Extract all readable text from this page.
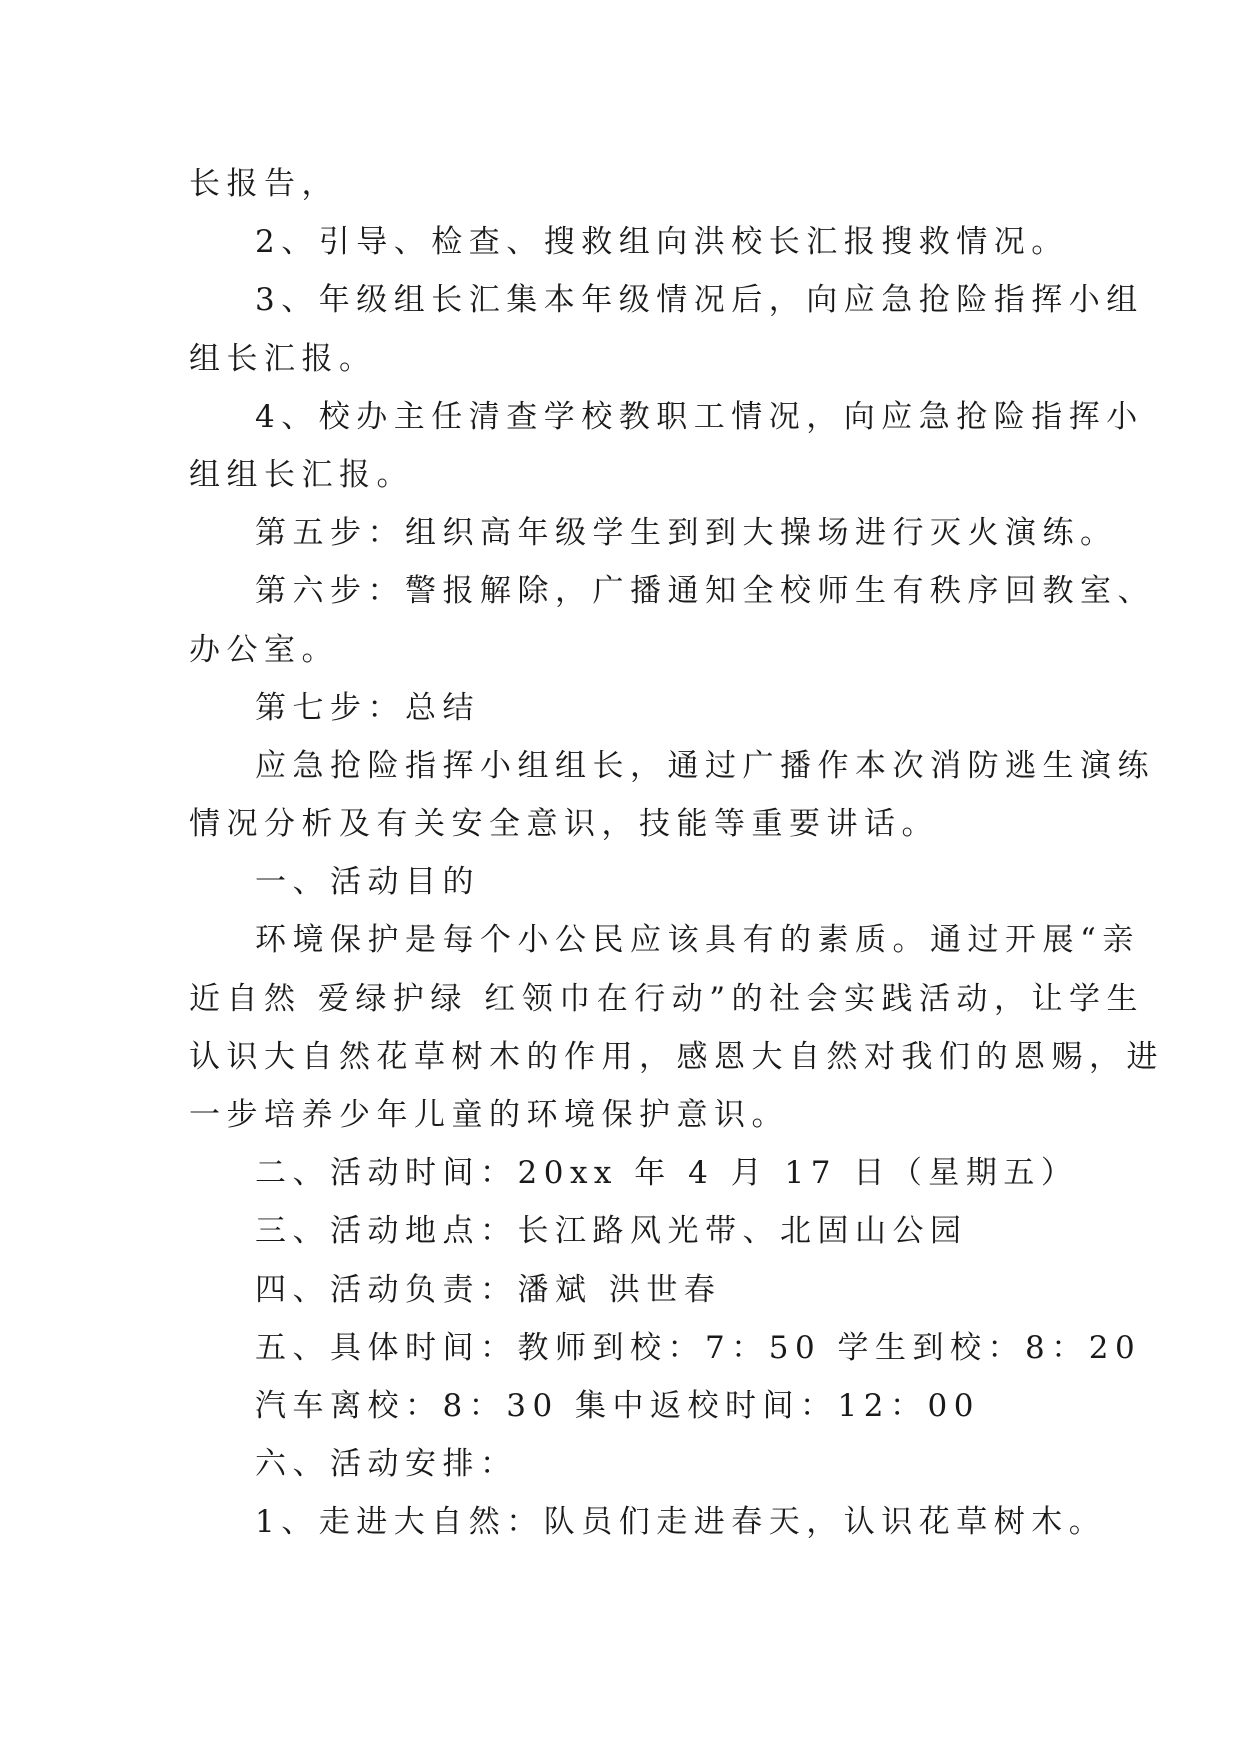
长报告，
2、引导、检查、搜救组向洪校长汇报搜救情况。
3、年级组长汇集本年级情况后，向应急抢险指挥小组
组长汇报。
4、校办主任清查学校教职工情况，向应急抢险指挥小
组组长汇报。
第五步：组织高年级学生到到大操场进行灭火演练。
第六步：警报解除，广播通知全校师生有秩序回教室、
办公室。
第七步：总结
应急抢险指挥小组组长，通过广播作本次消防逃生演练
情况分析及有关安全意识，技能等重要讲话。
一、活动目的
环境保护是每个小公民应该具有的素质。通过开展“亲
近自然 爱绿护绿 红领巾在行动”的社会实践活动，让学生
认识大自然花草树木的作用，感恩大自然对我们的恩赐，进
一步培养少年儿童的环境保护意识。
二、活动时间：20xx 年 4 月 17 日（星期五）
三、活动地点：长江路风光带、北固山公园
四、活动负责：潘斌 洪世春
五、具体时间：教师到校：7：50 学生到校：8：20
汽车离校：8：30 集中返校时间：12：00
六、活动安排：
1、走进大自然：队员们走进春天，认识花草树木。
